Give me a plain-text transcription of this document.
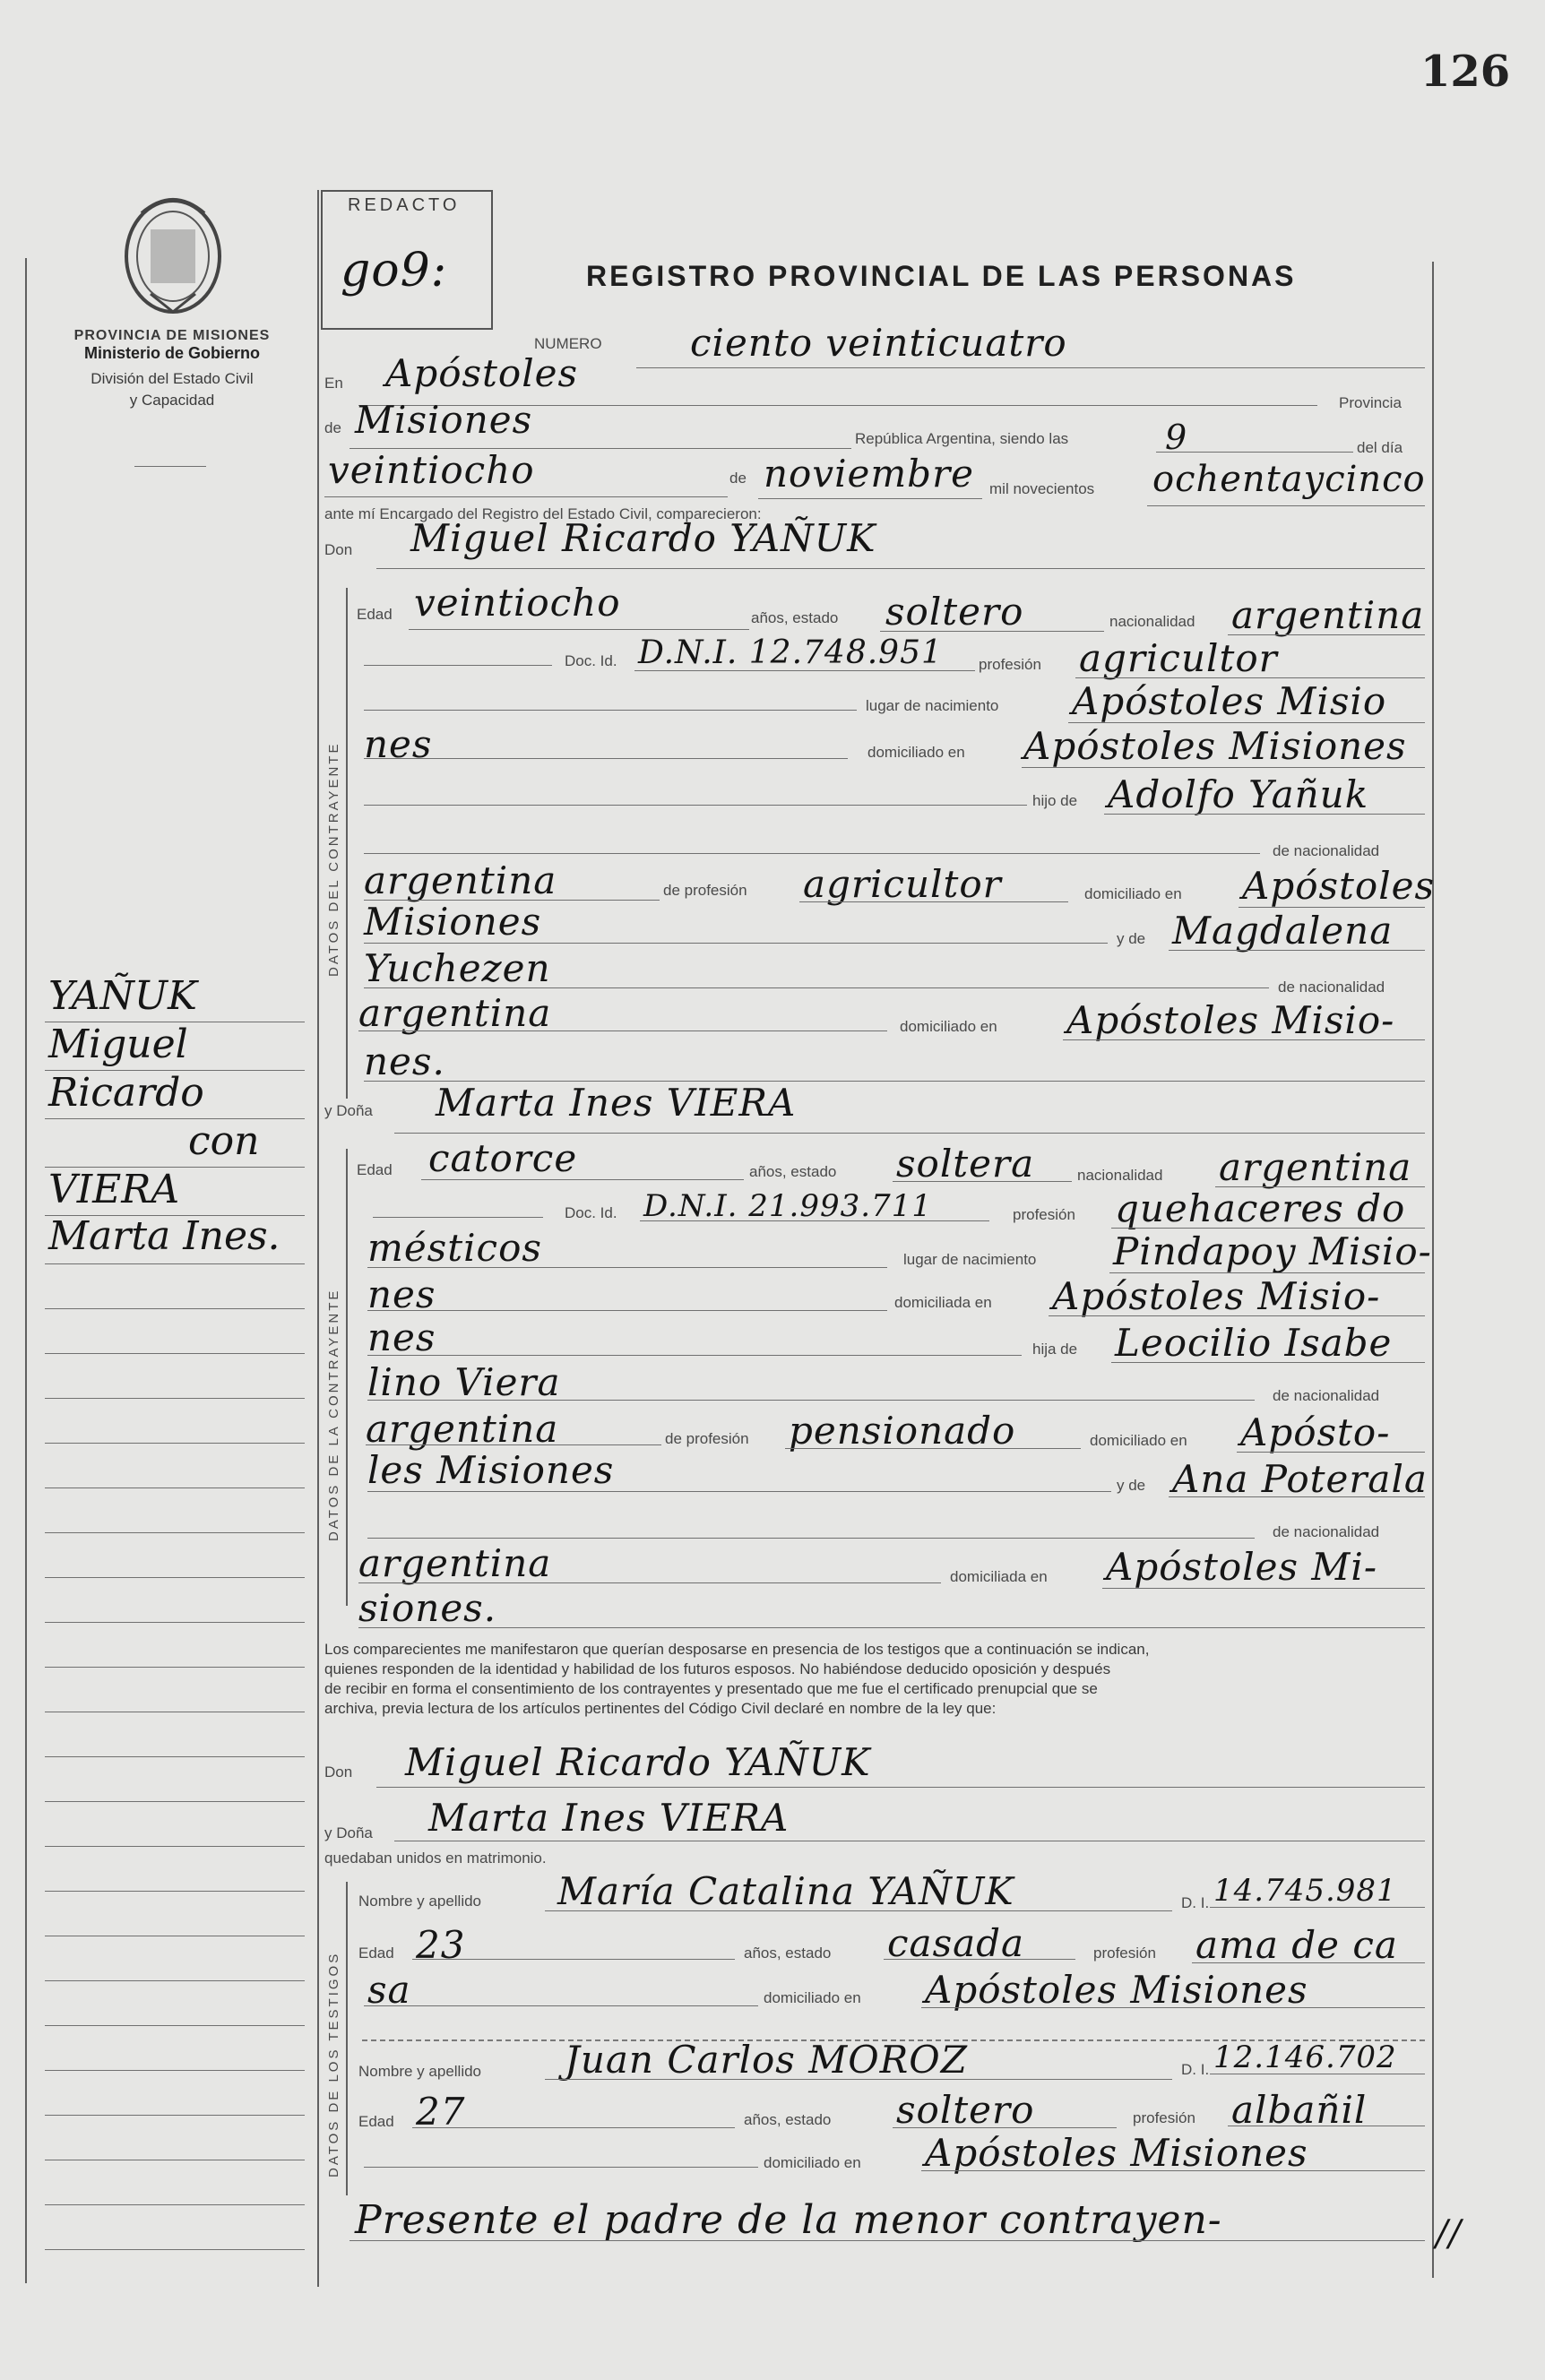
126
PROVINCIA DE MISIONES
Ministerio de Gobierno
División del Estado Civil
y Capacidad
YAÑUK
Miguel
Ricardo
con
VIERA
Marta Ines.
REDACTO
go9:	REGISTRO PROVINCIAL DE LAS PERSONAS
NUMERO ciento veinticuatro
En Apóstoles
Provincia
de Misiones	República Argentina, siendo las	9	del día
veintiocho	de noviembre mil novecientos ochentaycinco
ante mí Encargado del Registro del Estado Civil, comparecieron:
Don Miguel Ricardo YAÑUK
DATOS DEL CONTRAYENTE
Edad veintiocho	años, estado soltero	nacionalidad argentina
Doc. Id. D.N.I. 12.748.951 profesión agricultor
lugar de nacimiento Apóstoles Misio
nes	domiciliado en Apóstoles Misiones
hijo de Adolfo Yañuk
de nacionalidad
argentina	de profesión agricultor	domiciliado en Apóstoles
Misiones	y de Magdalena
Yuchezen	de nacionalidad
argentina	domiciliado en Apóstoles Misio-
nes.
y Doña Marta Ines VIERA
DATOS DE LA CONTRAYENTE
Edad catorce	años, estado soltera	nacionalidad argentina
Doc. Id. D.N.I. 21.993.711	profesión quehaceres do
mésticos	lugar de nacimiento Pindapoy Misio-
nes	domiciliada en Apóstoles Misio-
nes	hija de Leocilio Isabe
lino Viera	de nacionalidad
argentina	de profesión pensionado	domiciliado en Apósto-
les Misiones	y de Ana Poterala
de nacionalidad
argentina	domiciliada en Apóstoles Mi-
siones.
Los comparecientes me manifestaron que querían desposarse en presencia de los testigos que a continuación se indican,
quienes responden de la identidad y habilidad de los futuros esposos. No habiéndose deducido oposición y después
de recibir en forma el consentimiento de los contrayentes y presentado que me fue el certificado prenupcial que se
archiva, previa lectura de los artículos pertinentes del Código Civil declaré en nombre de la ley que:
Don Miguel Ricardo YAÑUK
y Doña Marta Ines VIERA
quedaban unidos en matrimonio.
DATOS DE LOS TESTIGOS
Nombre y apellido María Catalina YAÑUK	D. I. 14.745.981
Edad 23	años, estado casada	profesión ama de ca
sa	domiciliado en Apóstoles Misiones
Nombre y apellido Juan Carlos MOROZ	D. I. 12.146.702
Edad 27	años, estado soltero	profesión albañil
domiciliado en Apóstoles Misiones
Presente el padre de la menor contrayen-	//
